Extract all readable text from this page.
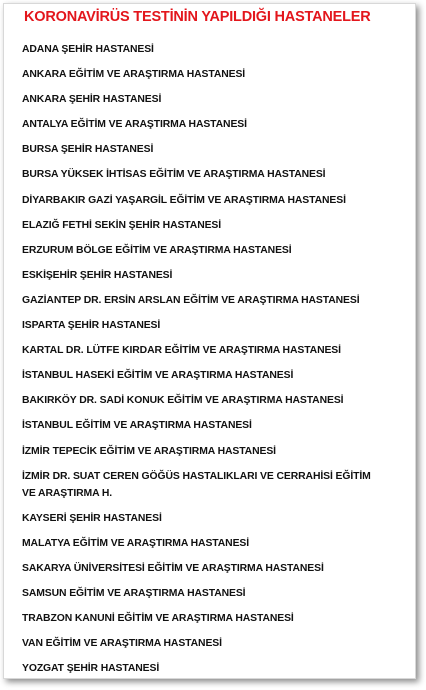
KORONAVİRÜS TESTİNİN YAPILDIĞI HASTANELER
ADANA ŞEHİR HASTANESİ
ANKARA EĞİTİM VE ARAŞTIRMA HASTANESİ
ANKARA ŞEHİR HASTANESİ
ANTALYA EĞİTİM VE ARAŞTIRMA HASTANESİ
BURSA ŞEHİR HASTANESİ
BURSA YÜKSEK İHTİSAS EĞİTİM VE ARAŞTIRMA HASTANESİ
DİYARBAKIR GAZİ YAŞARGİL EĞİTİM VE ARAŞTIRMA HASTANESİ
ELAZIĞ FETHİ SEKİN ŞEHİR HASTANESİ
ERZURUM BÖLGE EĞİTİM VE ARAŞTIRMA HASTANESİ
ESKİŞEHİR ŞEHİR HASTANESİ
GAZİANTEP DR. ERSİN ARSLAN EĞİTİM VE ARAŞTIRMA HASTANESİ
ISPARTA ŞEHİR HASTANESİ
KARTAL DR. LÜTFE KIRDAR EĞİTİM VE ARAŞTIRMA HASTANESİ
İSTANBUL HASEKİ EĞİTİM VE ARAŞTIRMA HASTANESİ
BAKIRKÖY DR. SADİ KONUK EĞİTİM VE ARAŞTIRMA HASTANESİ
İSTANBUL EĞİTİM VE ARAŞTIRMA HASTANESİ
İZMİR TEPECİK EĞİTİM VE ARAŞTIRMA HASTANESİ
İZMİR DR. SUAT CEREN GÖĞÜS HASTALIKLARI VE CERRAHİSİ EĞİTİM VE ARAŞTIRMA H.
KAYSERİ ŞEHİR HASTANESİ
MALATYA EĞİTİM VE ARAŞTIRMA HASTANESİ
SAKARYA ÜNİVERSİTESİ EĞİTİM VE ARAŞTIRMA HASTANESİ
SAMSUN EĞİTİM VE ARAŞTIRMA HASTANESİ
TRABZON KANUNİ EĞİTİM VE ARAŞTIRMA HASTANESİ
VAN EĞİTİM VE ARAŞTIRMA HASTANESİ
YOZGAT ŞEHİR HASTANESİ
